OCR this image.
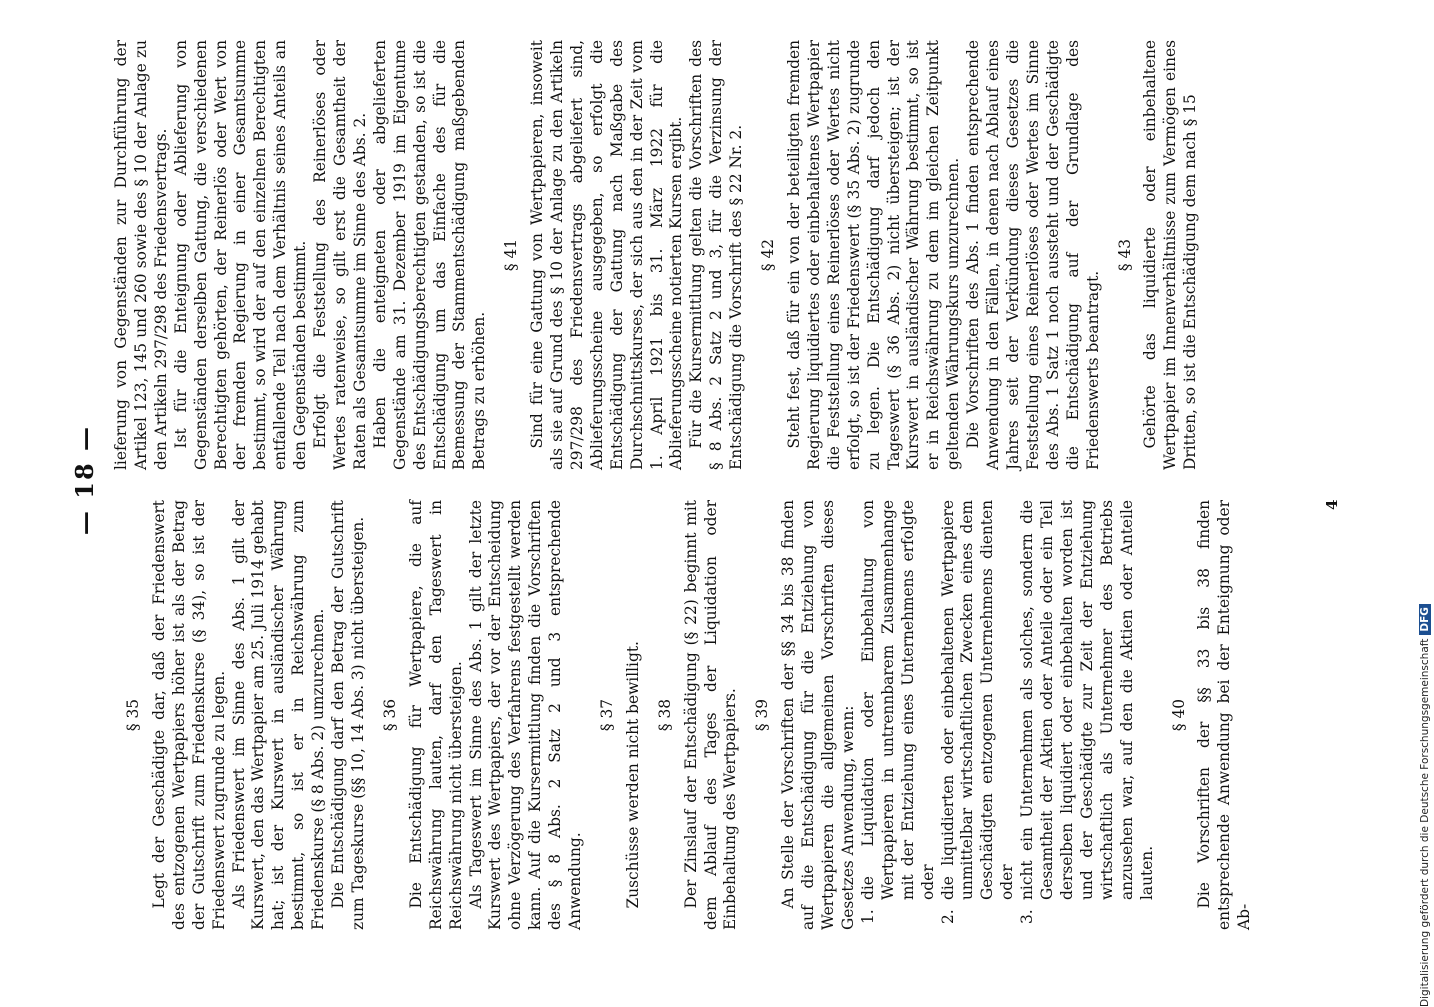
— 18 —
§ 35 Legt der Geschädigte dar, daß der Friedenswert des entzogenen Wertpapiers höher ist als der Betrag der Gutschrift zum Friedenskurse (§ 34), so ist der Friedenswert zugrunde zu legen. Als Friedenswert im Sinne des Abs. 1 gilt der Kurswert, den das Wertpapier am 25. Juli 1914 gehabt hat; ist der Kurswert in ausländischer Währung bestimmt, so ist er in Reichswährung zum Friedenskurse (§ 8 Abs. 2) umzurechnen. Die Entschädigung darf den Betrag der Gutschrift zum Tageskurse (§§ 10, 14 Abs. 3) nicht übersteigen. § 36 Die Entschädigung für Wertpapiere, die auf Reichswährung lauten, darf den Tageswert in Reichswährung nicht übersteigen. Als Tageswert im Sinne des Abs. 1 gilt der letzte Kurswert des Wertpapiers, der vor der Entscheidung ohne Verzögerung des Verfahrens festgestellt werden kann. Auf die Kursermittlung finden die Vorschriften des § 8 Abs. 2 Satz 2 und 3 entsprechende Anwendung.

§ 37 Zuschüsse werden nicht bewilligt. § 38 Der Zinslauf der Entschädigung (§ 22) beginnt mit dem Ablauf des Tages der Liquidation oder Einbehaltung des Wertpapiers. § 39 An Stelle der Vorschriften der §§ 34 bis 38 finden auf die Entschädigung für die Entziehung von Wertpapieren die allgemeinen Vorschriften dieses Gesetzes Anwendung, wenn: 1.
die Liquidation oder Einbehaltung von Wertpapieren in untrennbarem Zusammenhange mit der Entziehung eines Unternehmens erfolgte oder
2.
die liquidierten oder einbehaltenen Wertpapiere unmittelbar wirtschaftlichen Zwecken eines dem Geschädigten entzogenen Unternehmens dienten oder
3.
nicht ein Unternehmen als solches, sondern die Gesamtheit der Aktien oder Anteile oder ein Teil derselben liquidiert oder einbehalten worden ist und der Geschädigte zur Zeit der Entziehung wirtschaftlich als Unternehmer des Betriebs anzusehen war, auf den die Aktien oder Anteile lauten.
§ 40 Die Vorschriften der §§ 33 bis 38 finden entsprechende Anwendung bei der Enteignung oder Ab-

lieferung von Gegenständen zur Durchführung der Artikel 123, 145 und 260 sowie des § 10 der Anlage zu den Artikeln 297/298 des Friedensvertrags. Ist für die Enteignung oder Ablieferung von Gegenständen derselben Gattung, die verschiedenen Berechtigten gehörten, der Reinerlös oder Wert von der fremden Regierung in einer Gesamtsumme bestimmt, so wird der auf den einzelnen Berechtigten entfallende Teil nach dem Verhältnis seines Anteils an den Gegenständen bestimmt. Erfolgt die Feststellung des Reinerlöses oder Wertes ratenweise, so gilt erst die Gesamtheit der Raten als Gesamtsumme im Sinne des Abs. 2. Haben die enteigneten oder abgelieferten Gegenstände am 31. Dezember 1919 im Eigentume des Entschädigungsberechtigten gestanden, so ist die Entschädigung um das Einfache des für die Bemessung der Stammentschädigung maßgebenden Betrags zu erhöhen.

§ 41 Sind für eine Gattung von Wertpapieren, insoweit als sie auf Grund des § 10 der Anlage zu den Artikeln 297/298 des Friedensvertrags abgeliefert sind, Ablieferungsscheine ausgegeben, so erfolgt die Entschädigung der Gattung nach Maßgabe des Durchschnittskurses, der sich aus den in der Zeit vom 1. April 1921 bis 31. März 1922 für die Ablieferungsscheine notierten Kursen ergibt. Für die Kursermittlung gelten die Vorschriften des § 8 Abs. 2 Satz 2 und 3, für die Verzinsung der Entschädigung die Vorschrift des § 22 Nr. 2. § 42 Steht fest, daß für ein von der beteiligten fremden Regierung liquidiertes oder einbehaltenes Wertpapier die Feststellung eines Reinerlöses oder Wertes nicht erfolgt, so ist der Friedenswert (§ 35 Abs. 2) zugrunde zu legen. Die Entschädigung darf jedoch den Tageswert (§ 36 Abs. 2) nicht übersteigen; ist der Kurswert in ausländischer Währung bestimmt, so ist er in Reichswährung zu dem im gleichen Zeitpunkt geltenden Währungskurs umzurechnen. Die Vorschriften des Abs. 1 finden entsprechende Anwendung in den Fällen, in denen nach Ablauf eines Jahres seit der Verkündung dieses Gesetzes die Feststellung eines Reinerlöses oder Wertes im Sinne des Abs. 1 Satz 1 noch aussteht und der Geschädigte die Entschädigung auf der Grundlage des Friedenswerts beantragt.

§ 43 Gehörte das liquidierte oder einbehaltene Wertpapier im Innenverhältnisse zum Vermögen eines Dritten, so ist die Entschädigung dem nach § 15

4
Digitalisierung gefördert durch die Deutsche ForschungsgemeinschaftDFG
